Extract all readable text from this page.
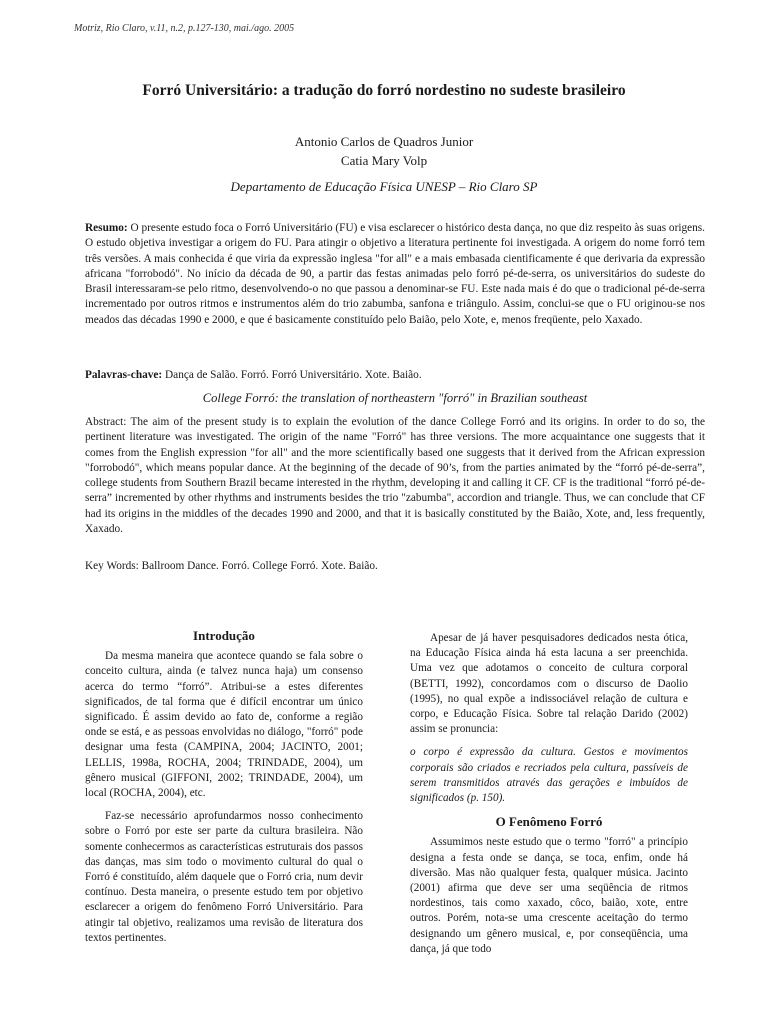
Motriz, Rio Claro, v.11, n.2, p.127-130, mai./ago. 2005
Forró Universitário: a tradução do forró nordestino no sudeste brasileiro
Antonio Carlos de Quadros Junior
Catia Mary Volp
Departamento de Educação Física UNESP – Rio Claro SP

Resumo: O presente estudo foca o Forró Universitário (FU) e visa esclarecer o histórico desta dança, no que diz respeito às suas origens. O estudo objetiva investigar a origem do FU. Para atingir o objetivo a literatura pertinente foi investigada. A origem do nome forró tem três versões. A mais conhecida é que viria da expressão inglesa "for all" e a mais embasada cientificamente é que derivaria da expressão africana "forrobodó". No início da década de 90, a partir das festas animadas pelo forró pé-de-serra, os universitários do sudeste do Brasil interessaram-se pelo ritmo, desenvolvendo-o no que passou a denominar-se FU. Este nada mais é do que o tradicional pé-de-serra incrementado por outros ritmos e instrumentos além do trio zabumba, sanfona e triângulo. Assim, conclui-se que o FU originou-se nos meados das décadas 1990 e 2000, e que é basicamente constituído pelo Baião, pelo Xote, e, menos freqüente, pelo Xaxado.

Palavras-chave: Dança de Salão. Forró. Forró Universitário. Xote. Baião.

College Forró: the translation of northeastern "forró" in Brazilian southeast

Abstract: The aim of the present study is to explain the evolution of the dance College Forró and its origins. In order to do so, the pertinent literature was investigated. The origin of the name "Forró" has three versions. The more acquaintance one suggests that it comes from the English expression "for all" and the more scientifically based one suggests that it derived from the African expression "forrobodó", which means popular dance. At the beginning of the decade of 90’s, from the parties animated by the “forró pé-de-serra”, college students from Southern Brazil became interested in the rhythm, developing it and calling it CF. CF is the traditional “forró pé-de-serra” incremented by other rhythms and instruments besides the trio "zabumba", accordion and triangle. Thus, we can conclude that CF had its origins in the middles of the decades 1990 and 2000, and that it is basically constituted by the Baião, Xote, and, less frequently, Xaxado.

Key Words: Ballroom Dance. Forró. College Forró. Xote. Baião.

Introdução

Da mesma maneira que acontece quando se fala sobre o conceito cultura, ainda (e talvez nunca haja) um consenso acerca do termo “forró”. Atribui-se a estes diferentes significados, de tal forma que é difícil encontrar um único significado. É assim devido ao fato de, conforme a região onde se está, e as pessoas envolvidas no diálogo, "forró" pode designar uma festa (CAMPINA, 2004; JACINTO, 2001; LELLIS, 1998a, ROCHA, 2004; TRINDADE, 2004), um gênero musical (GIFFONI, 2002; TRINDADE, 2004), um local (ROCHA, 2004), etc.

Faz-se necessário aprofundarmos nosso conhecimento sobre o Forró por este ser parte da cultura brasileira. Não somente conhecermos as características estruturais dos passos das danças, mas sim todo o movimento cultural do qual o Forró é constituído, além daquele que o Forró cria, num devir contínuo. Desta maneira, o presente estudo tem por objetivo esclarecer a origem do fenômeno Forró Universitário. Para atingir tal objetivo, realizamos uma revisão de literatura dos textos pertinentes.

Apesar de já haver pesquisadores dedicados nesta ótica, na Educação Física ainda há esta lacuna a ser preenchida. Uma vez que adotamos o conceito de cultura corporal (BETTI, 1992), concordamos com o discurso de Daolio (1995), no qual expõe a indissociável relação de cultura e corpo, e Educação Física. Sobre tal relação Darido (2002) assim se pronuncia:

o corpo é expressão da cultura. Gestos e movimentos corporais são criados e recriados pela cultura, passíveis de serem transmitidos através das gerações e imbuídos de significados (p. 150).

O Fenômeno Forró

Assumimos neste estudo que o termo "forró" a princípio designa a festa onde se dança, se toca, enfim, onde há diversão. Mas não qualquer festa, qualquer música. Jacinto (2001) afirma que deve ser uma seqüência de ritmos nordestinos, tais como xaxado, côco, baião, xote, entre outros. Porém, nota-se uma crescente aceitação do termo designando um gênero musical, e, por conseqüência, uma dança, já que todo
